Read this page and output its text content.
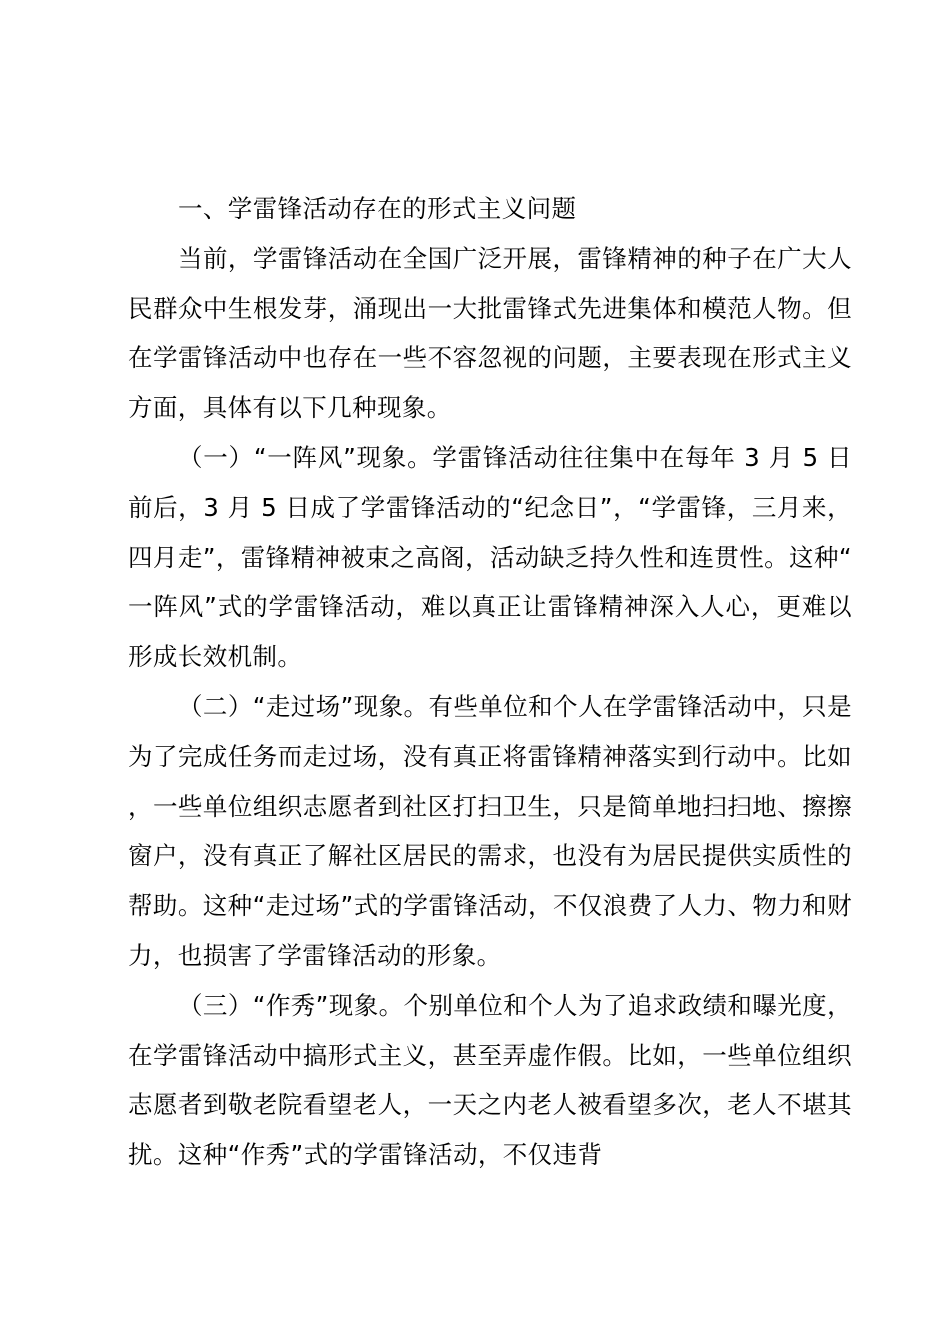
一、学雷锋活动存在的形式主义问题

当前，学雷锋活动在全国广泛开展，雷锋精神的种子在广大人民群众中生根发芽，涌现出一大批雷锋式先进集体和模范人物。但在学雷锋活动中也存在一些不容忽视的问题，主要表现在形式主义方面，具体有以下几种现象。

（一）“一阵风”现象。学雷锋活动往往集中在每年 3 月 5 日前后，3 月 5 日成了学雷锋活动的“纪念日”，“学雷锋，三月来，四月走”，雷锋精神被束之高阁，活动缺乏持久性和连贯性。这种“一阵风”式的学雷锋活动，难以真正让雷锋精神深入人心，更难以形成长效机制。

（二）“走过场”现象。有些单位和个人在学雷锋活动中，只是为了完成任务而走过场，没有真正将雷锋精神落实到行动中。比如，一些单位组织志愿者到社区打扫卫生，只是简单地扫扫地、擦擦窗户，没有真正了解社区居民的需求，也没有为居民提供实质性的帮助。这种“走过场”式的学雷锋活动，不仅浪费了人力、物力和财力，也损害了学雷锋活动的形象。

（三）“作秀”现象。个别单位和个人为了追求政绩和曝光度，在学雷锋活动中搞形式主义，甚至弄虚作假。比如，一些单位组织志愿者到敬老院看望老人，一天之内老人被看望多次，老人不堪其扰。这种“作秀”式的学雷锋活动，不仅违背
